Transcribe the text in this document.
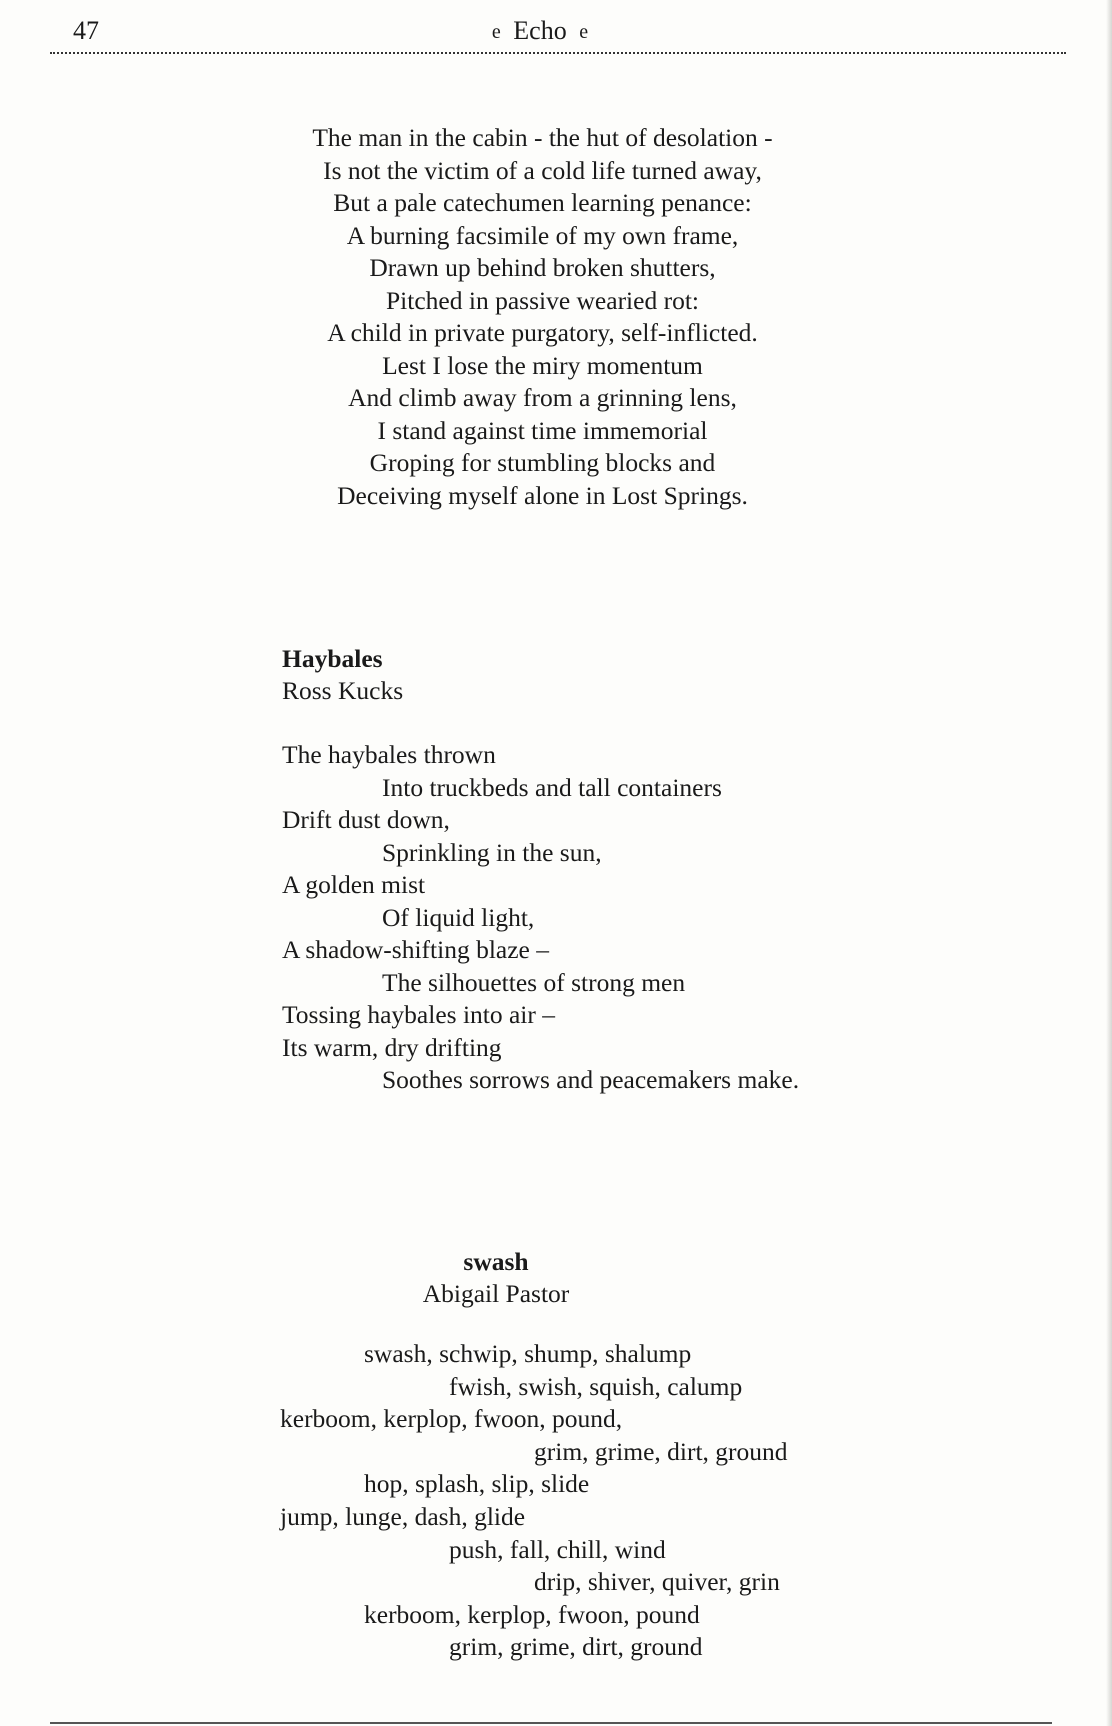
47	e Echo e
The man in the cabin - the hut of desolation -
Is not the victim of a cold life turned away,
But a pale catechumen learning penance:
A burning facsimile of my own frame,
Drawn up behind broken shutters,
Pitched in passive wearied rot:
A child in private purgatory, self-inflicted.
Lest I lose the miry momentum
And climb away from a grinning lens,
I stand against time immemorial
Groping for stumbling blocks and
Deceiving myself alone in Lost Springs.
Haybales
Ross Kucks
The haybales thrown
Into truckbeds and tall containers
Drift dust down,
Sprinkling in the sun,
A golden mist
Of liquid light,
A shadow-shifting blaze –
The silhouettes of strong men
Tossing haybales into air –
Its warm, dry drifting
Soothes sorrows and peacemakers make.
swash
Abigail Pastor
swash, schwip, shump, shalump
fwish, swish, squish, calump
kerboom, kerplop, fwoon, pound,
grim, grime, dirt, ground
hop, splash, slip, slide
jump, lunge, dash, glide
push, fall, chill, wind
drip, shiver, quiver, grin
kerboom, kerplop, fwoon, pound
grim, grime, dirt, ground
